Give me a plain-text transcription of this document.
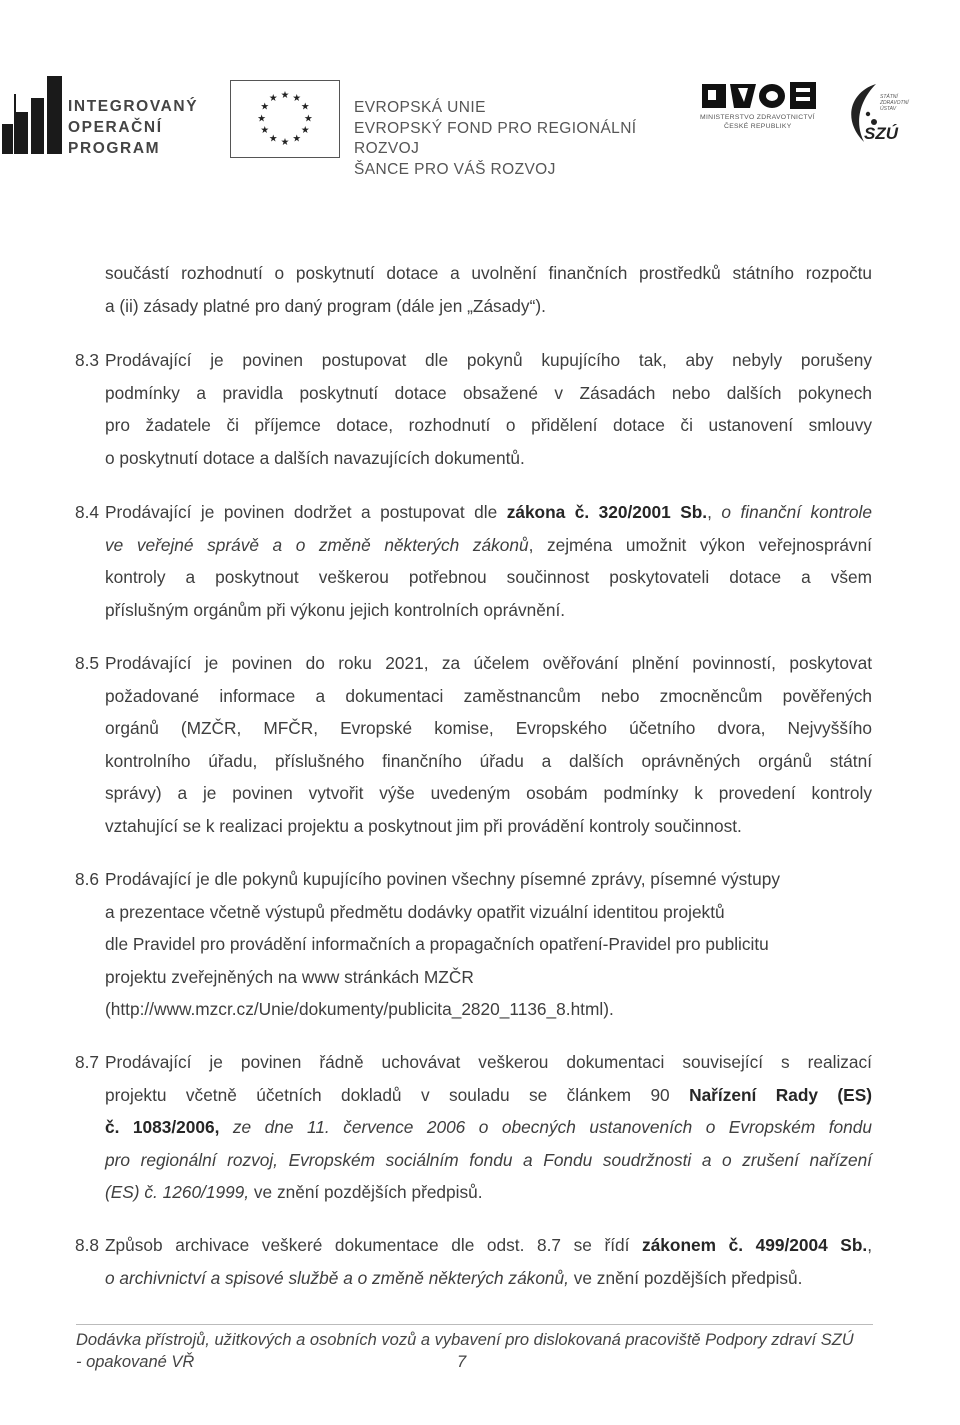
INTEGROVANÝ
OPERAČNÍ
PROGRAM
★ ★
★
★
★
★
★
★
★
★
★
★
EVROPSKÁ UNIE
EVROPSKÝ FOND PRO REGIONÁLNÍ ROZVOJ
ŠANCE PRO VÁŠ ROZVOJ
MINISTERSTVO ZDRAVOTNICTVÍ
ČESKÉ REPUBLIKY
STÁTNÍ
ZDRAVOTNÍ
ÚSTAV
SZÚ

součástí rozhodnutí o poskytnutí dotace a uvolnění finančních prostředků státního rozpočtu

a (ii) zásady platné pro daný program (dále jen „Zásady“).

8.3 Prodávající je povinen postupovat dle pokynů kupujícího tak, aby nebyly porušeny

podmínky a pravidla poskytnutí dotace obsažené v Zásadách nebo dalších pokynech

pro žadatele či příjemce dotace, rozhodnutí o přidělení dotace či ustanovení smlouvy

o poskytnutí dotace a dalších navazujících dokumentů.

8.4 Prodávající je povinen dodržet a postupovat dle zákona č. 320/2001 Sb., o finanční kontrole

ve veřejné správě a o změně některých zákonů, zejména umožnit výkon veřejnosprávní

kontroly a poskytnout veškerou potřebnou součinnost poskytovateli dotace a všem

příslušným orgánům při výkonu jejich kontrolních oprávnění.

8.5 Prodávající je povinen do roku 2021, za účelem ověřování plnění povinností, poskytovat

požadované informace a dokumentaci zaměstnancům nebo zmocněncům pověřených

orgánů (MZČR, MFČR, Evropské komise, Evropského účetního dvora, Nejvyššího

kontrolního úřadu, příslušného finančního úřadu a dalších oprávněných orgánů státní

správy) a je povinen vytvořit výše uvedeným osobám podmínky k provedení kontroly

vztahující se k realizaci projektu a poskytnout jim při provádění kontroly součinnost.

8.6 Prodávající je dle pokynů kupujícího povinen všechny písemné zprávy, písemné výstupy

a prezentace včetně výstupů předmětu dodávky opatřit vizuální identitou projektů

dle Pravidel pro provádění informačních a propagačních opatření-Pravidel pro publicitu

projektu zveřejněných na www stránkách MZČR

(http://www.mzcr.cz/Unie/dokumenty/publicita_2820_1136_8.html).

8.7 Prodávající je povinen řádně uchovávat veškerou dokumentaci související s realizací

projektu včetně účetních dokladů v souladu se článkem 90 Nařízení Rady (ES)

č. 1083/2006, ze dne 11. července 2006 o obecných ustanoveních o Evropském fondu

pro regionální rozvoj, Evropském sociálním fondu a Fondu soudržnosti a o zrušení nařízení

(ES) č. 1260/1999, ve znění pozdějších předpisů.

8.8 Způsob archivace veškeré dokumentace dle odst. 8.7 se řídí zákonem č. 499/2004 Sb.,

o archivnictví a spisové službě a o změně některých zákonů, ve znění pozdějších předpisů.

Dodávka přístrojů, užitkových a osobních vozů a vybavení pro dislokovaná pracoviště Podpory zdraví SZÚ
- opakované VŘ	7
